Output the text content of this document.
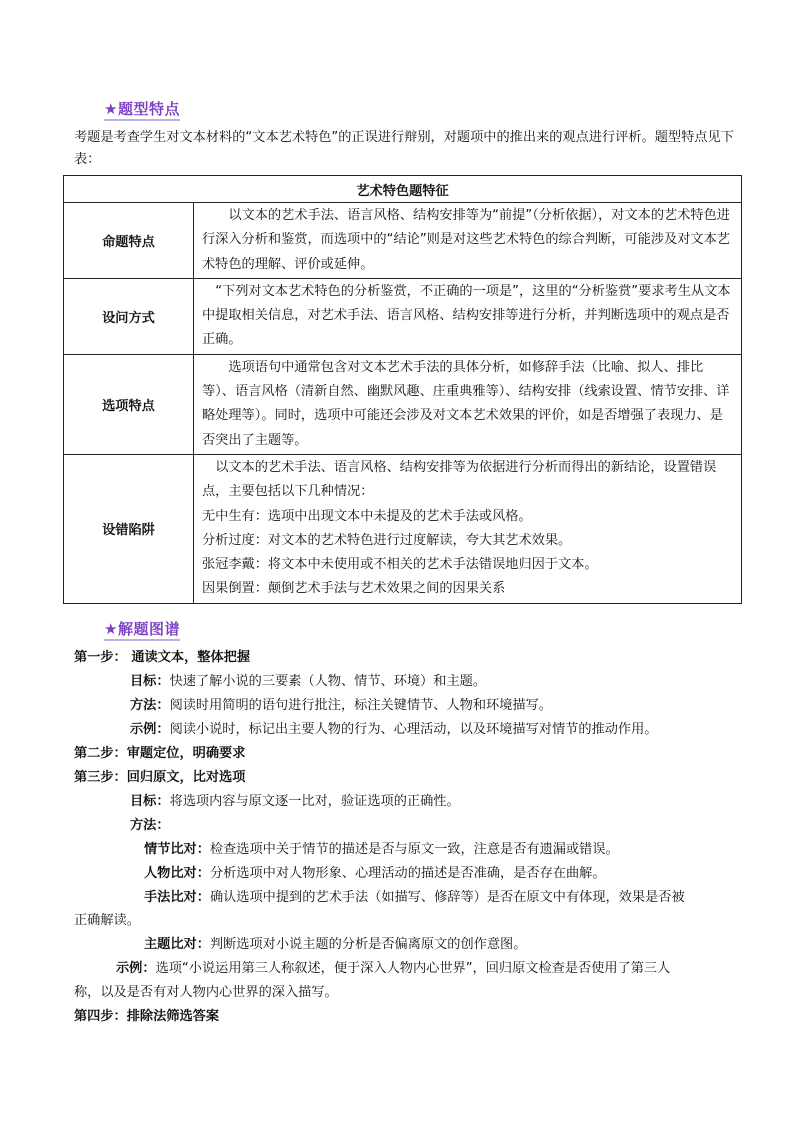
★题型特点
考题是考查学生对文本材料的“文本艺术特色”的正误进行辩别，对题项中的推出来的观点进行评析。题型特点见下表：
艺术特色题特征	
命题特点	以文本的艺术手法、语言风格、结构安排等为“前提”（分析依据），对文本的艺术特色进行深入分析和鉴赏，而选项中的“结论”则是对这些艺术特色的综合判断，可能涉及对文本艺术特色的理解、评价或延伸。
设问方式	“下列对文本艺术特色的分析鉴赏，不正确的一项是”，这里的“分析鉴赏”要求考生从文本中提取相关信息，对艺术手法、语言风格、结构安排等进行分析，并判断选项中的观点是否正确。
选项特点	选项语句中通常包含对文本艺术手法的具体分析，如修辞手法（比喻、拟人、排比等）、语言风格（清新自然、幽默风趣、庄重典雅等）、结构安排（线索设置、情节安排、详略处理等）。同时，选项中可能还会涉及对文本艺术效果的评价，如是否增强了表现力、是否突出了主题等。
设错陷阱	以文本的艺术手法、语言风格、结构安排等为依据进行分析而得出的新结论，设置错误点，主要包括以下几种情况：
无中生有：选项中出现文本中未提及的艺术手法或风格。
分析过度：对文本的艺术特色进行过度解读，夸大其艺术效果。
张冠李戴：将文本中未使用或不相关的艺术手法错误地归因于文本。
因果倒置：颠倒艺术手法与艺术效果之间的因果关系
★解题图谱
第一步： 通读文本，整体把握
目标：快速了解小说的三要素（人物、情节、环境）和主题。
方法：阅读时用简明的语句进行批注，标注关键情节、人物和环境描写。
示例：阅读小说时，标记出主要人物的行为、心理活动，以及环境描写对情节的推动作用。
第二步：审题定位，明确要求
第三步：回归原文，比对选项
目标：将选项内容与原文逐一比对，验证选项的正确性。
方法：
情节比对：检查选项中关于情节的描述是否与原文一致，注意是否有遗漏或错误。
人物比对：分析选项中对人物形象、心理活动的描述是否准确，是否存在曲解。
手法比对：确认选项中提到的艺术手法（如描写、修辞等）是否在原文中有体现，效果是否被
正确解读。
主题比对：判断选项对小说主题的分析是否偏离原文的创作意图。
示例：选项“小说运用第三人称叙述，便于深入人物内心世界”，回归原文检查是否使用了第三人
称，以及是否有对人物内心世界的深入描写。
第四步：排除法筛选答案
